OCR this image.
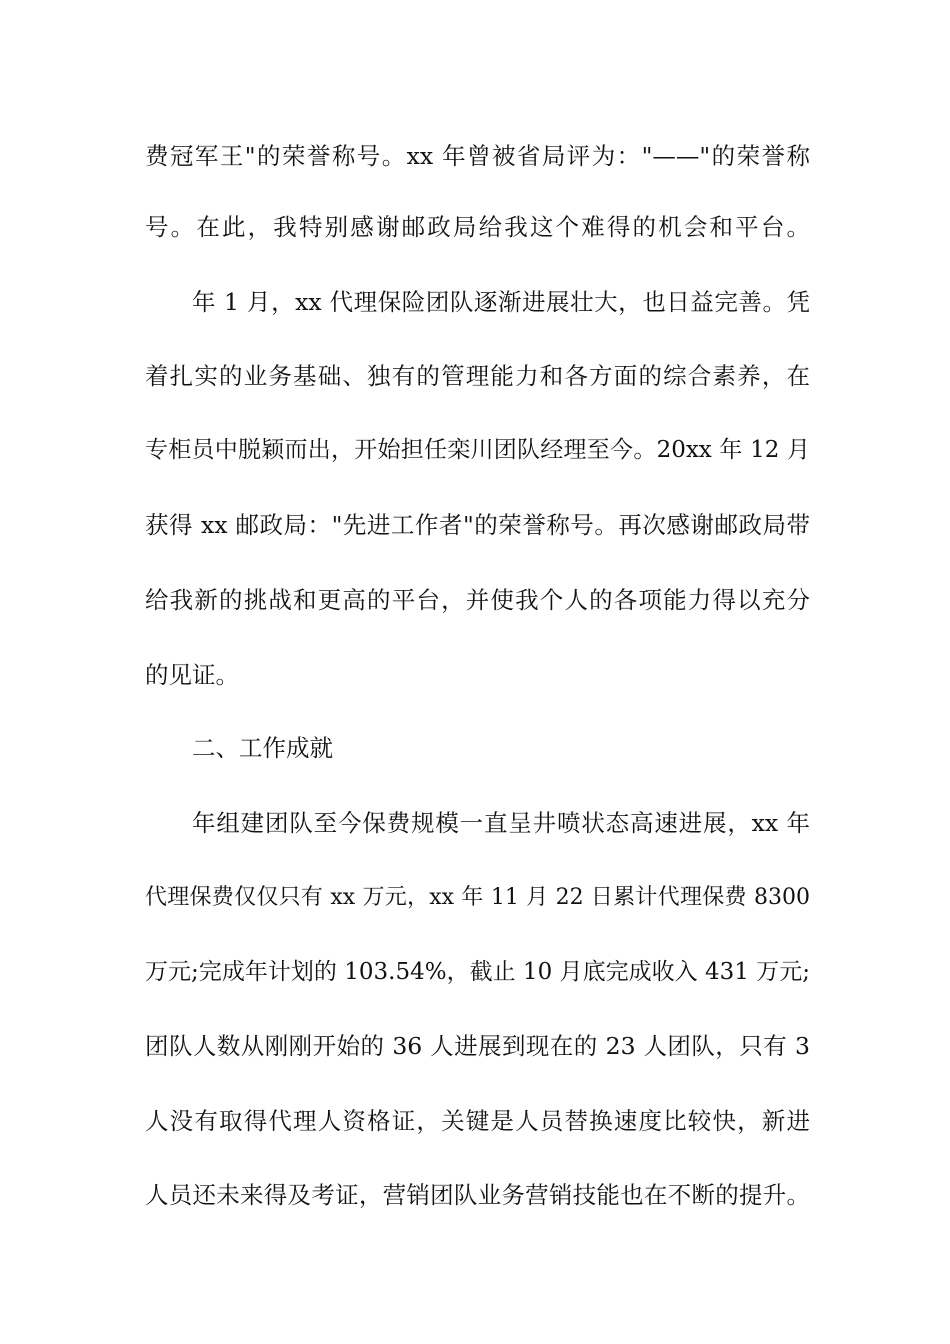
费冠军王"的荣誉称号。xx 年曾被省局评为："——"的荣誉称
号。在此，我特别感谢邮政局给我这个难得的机会和平台。
年 1 月，xx 代理保险团队逐渐进展壮大，也日益完善。凭
着扎实的业务基础、独有的管理能力和各方面的综合素养，在
专柜员中脱颖而出，开始担任栾川团队经理至今。20xx 年 12 月
获得 xx 邮政局："先进工作者"的荣誉称号。再次感谢邮政局带
给我新的挑战和更高的平台，并使我个人的各项能力得以充分
的见证。
二、工作成就
年组建团队至今保费规模一直呈井喷状态高速进展，xx 年
代理保费仅仅只有 xx 万元，xx 年 11 月 22 日累计代理保费 8300
万元;完成年计划的 103.54%，截止 10 月底完成收入 431 万元;
团队人数从刚刚开始的 36 人进展到现在的 23 人团队，只有 3
人没有取得代理人资格证，关键是人员替换速度比较快，新进
人员还未来得及考证，营销团队业务营销技能也在不断的提升。
